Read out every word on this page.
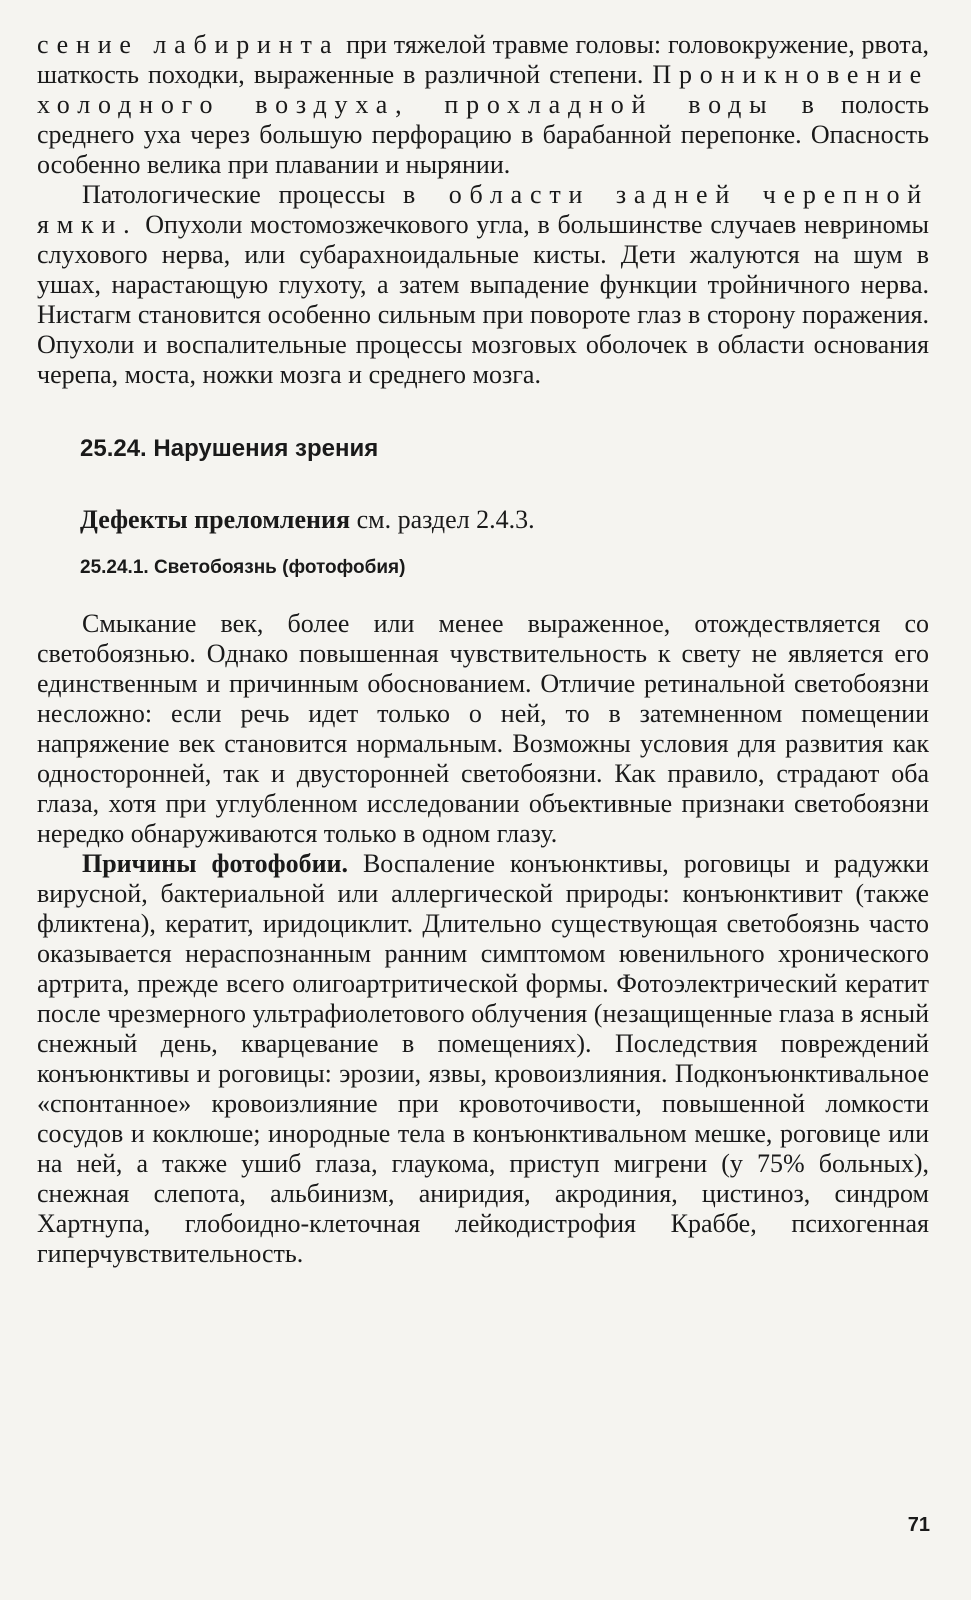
сение лабиринта при тяжелой травме головы: головокружение, рвота, шаткость походки, выраженные в различной степени. Проникновение холодного воздуха, прохладной воды в полость среднего уха через большую перфорацию в барабанной перепонке. Опасность особенно велика при плавании и нырянии.

Патологические процессы в области задней черепной ямки. Опухоли мостомозжечкового угла, в большинстве случаев невриномы слухового нерва, или субарахноидальные кисты. Дети жалуются на шум в ушах, нарастающую глухоту, а затем выпадение функции тройничного нерва. Нистагм становится особенно сильным при повороте глаз в сторону поражения. Опухоли и воспалительные процессы мозговых оболочек в области основания черепа, моста, ножки мозга и среднего мозга.

25.24. Нарушения зрения

Дефекты преломления см. раздел 2.4.3.

25.24.1. Светобоязнь (фотофобия)

Смыкание век, более или менее выраженное, отождествляется со светобоязнью. Однако повышенная чувствительность к свету не является его единственным и причинным обоснованием. Отличие ретинальной светобоязни несложно: если речь идет только о ней, то в затемненном помещении напряжение век становится нормальным. Возможны условия для развития как односторонней, так и двусторонней светобоязни. Как правило, страдают оба глаза, хотя при углубленном исследовании объективные признаки светобоязни нередко обнаруживаются только в одном глазу.

Причины фотофобии. Воспаление конъюнктивы, роговицы и радужки вирусной, бактериальной или аллергической природы: конъюнктивит (также фликтена), кератит, иридоциклит. Длительно существующая светобоязнь часто оказывается нераспознанным ранним симптомом ювенильного хронического артрита, прежде всего олигоартритической формы. Фотоэлектрический кератит после чрезмерного ультрафиолетового облучения (незащищенные глаза в ясный снежный день, кварцевание в помещениях). Последствия повреждений конъюнктивы и роговицы: эрозии, язвы, кровоизлияния. Подконъюнктивальное «спонтанное» кровоизлияние при кровоточивости, повышенной ломкости сосудов и коклюше; инородные тела в конъюнктивальном мешке, роговице или на ней, а также ушиб глаза, глаукома, приступ мигрени (у 75% больных), снежная слепота, альбинизм, аниридия, акродиния, цистиноз, синдром Хартнупа, глобоидно-клеточная лейкодистрофия Краббе, психогенная гиперчувствительность.

71
